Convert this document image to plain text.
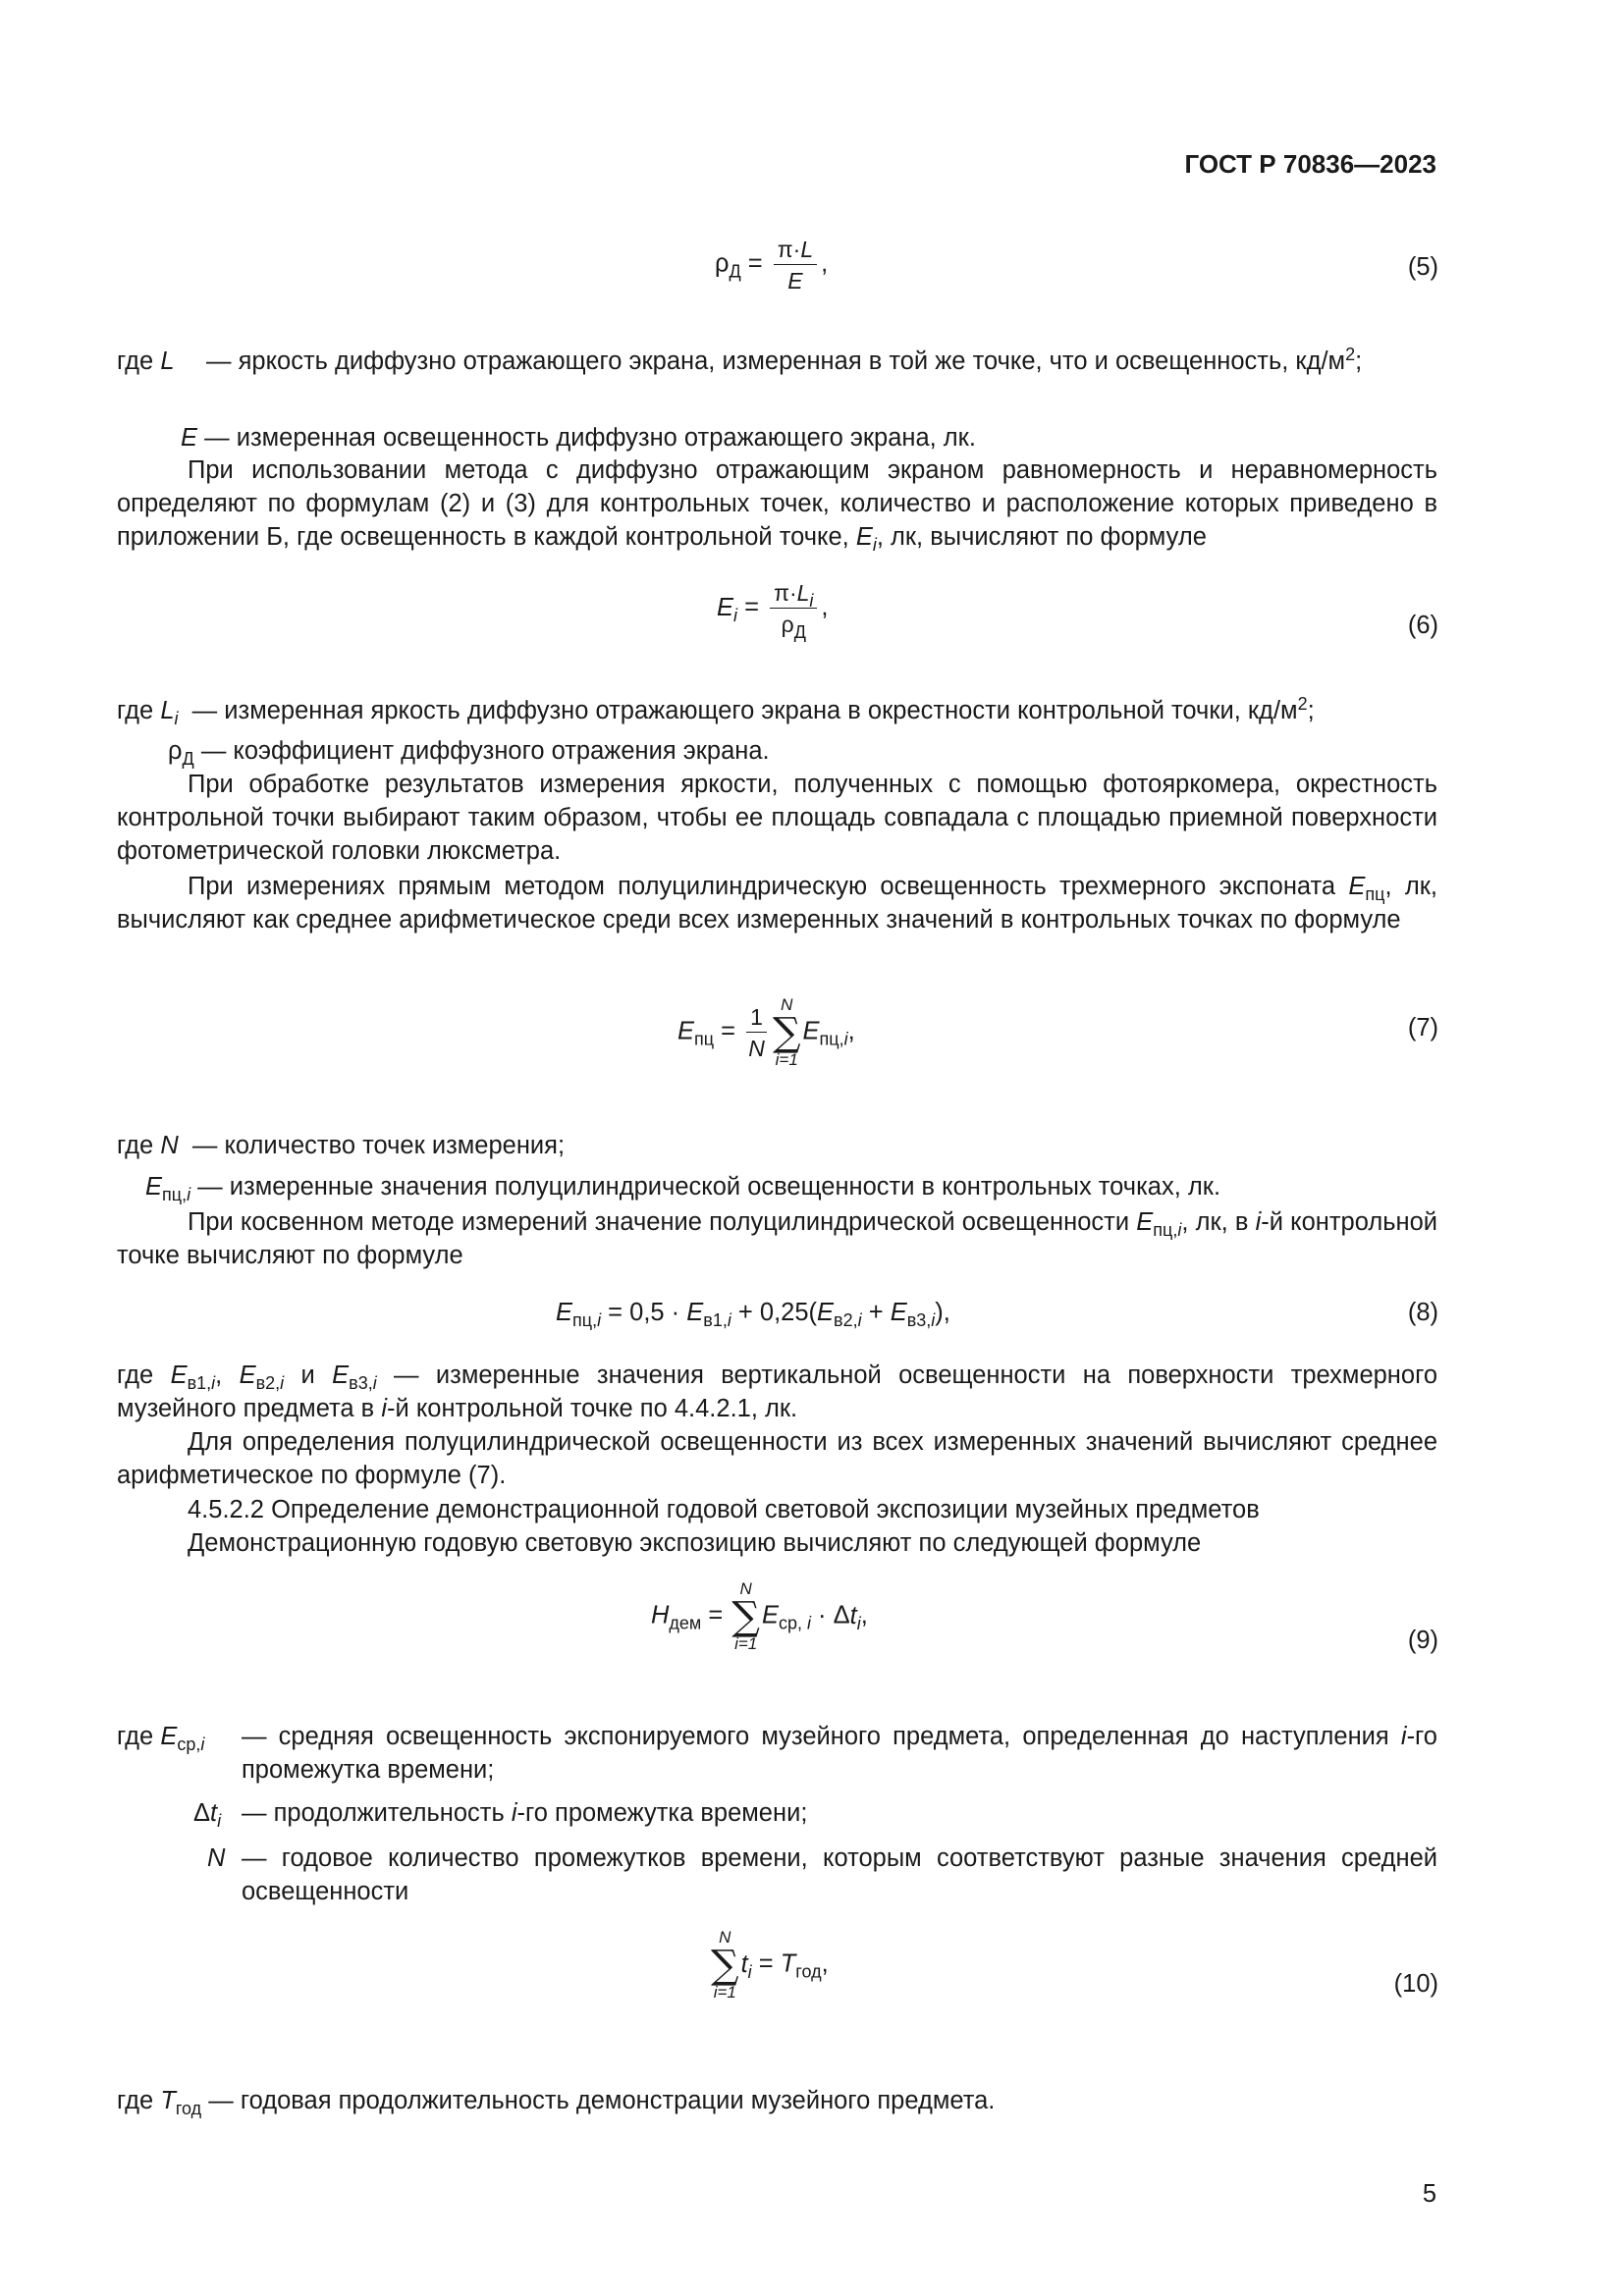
ГОСТ Р 70836—2023
$\rho_Д = \frac{\pi\cdot L}{E}$ ,	(5)
где L — яркость диффузно отражающего экрана, измеренная в той же точке, что и освещенность, $кд/м^2$;
E — измеренная освещенность диффузно отражающего экрана, лк.
При использовании метода с диффузно отражающим экраном равномерность и неравномерность определяют по формулам (2) и (3) для контрольных точек, количество и расположение которых приведено в приложении Б, где освещенность в каждой контрольной точке, $E_i$, лк, вычисляют по формуле
$E_i = \frac{\pi\cdot L_i}{\rho_Д}$ ,
(6)
где $L_i$ — измеренная яркость диффузно отражающего экрана в окрестности контрольной точки, $кд/м^2$;
$\rho_Д$ — коэффициент диффузного отражения экрана.
При обработке результатов измерения яркости, полученных с помощью фотояркомера, окрестность контрольной точки выбирают таким образом, чтобы ее площадь совпадала с площадью приемной поверхности фотометрической головки люксметра.
При измерениях прямым методом полуцилиндрическую освещенность трехмерного экспоната $E_{пц}$, лк, вычисляют как среднее арифметическое среди всех измеренных значений в контрольных точках по формуле
$E_{пц} = \frac{1}{N}$ N
∑
i=1
$E_{пц,i}$,	(7)
где N — количество точек измерения;
$E_{пц,i}$ — измеренные значения полуцилиндрической освещенности в контрольных точках, лк.
При косвенном методе измерений значение полуцилиндрической освещенности $E_{пц,i}$, лк, в i-й контрольной точке вычисляют по формуле
$E_{пц,i} = 0,5 \cdot E_{в1,i} + 0,25(E_{в2,i} + E_{в3,i})$,	(8)
где $E_{в1,i}$, $E_{в2,i}$ и $E_{в3,i}$ — измеренные значения вертикальной освещенности на поверхности трехмерного музейного предмета в i-й контрольной точке по 4.4.2.1, лк.
Для определения полуцилиндрической освещенности из всех измеренных значений вычисляют среднее арифметическое по формуле (7).
4.5.2.2 Определение демонстрационной годовой световой экспозиции музейных предметов
Демонстрационную годовую световую экспозицию вычисляют по следующей формуле
$H_{дем}$ =
N
∑
i=1
$E_{ср, i} \cdot \Delta t_i$,
(9)
где $E_{ср,i}$ — средняя освещенность экспонируемого музейного предмета, определенная до наступления i-го промежутка времени;
$\Delta t_i$ — продолжительность i-го промежутка времени;
N — годовое количество промежутков времени, которым соответствуют разные значения средней освещенности
N
∑
i=1
$t_i = T_{год}$,
(10)
где $T_{год}$ — годовая продолжительность демонстрации музейного предмета.
5
